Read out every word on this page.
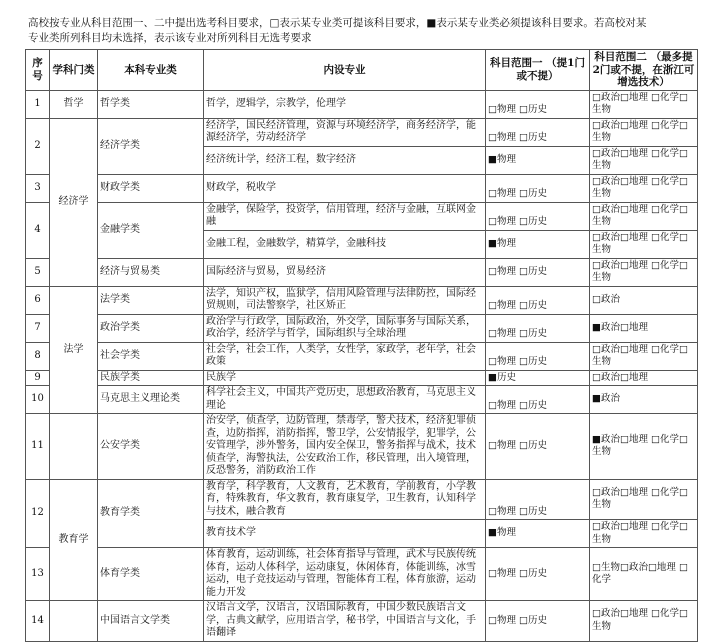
高校按专业从科目范围一、二中提出选考科目要求，□表示某专业类可提该科目要求，■表示某专业类必须提该科目要求。若高校对某专业类所列科目均未选择，表示该专业对所列科目无选考要求
序号	学科门类	本科专业类	内设专业	科目范围一 （提1门或不提）	科目范围二 （最多提2门或不提，在浙江可增选技术）
1	哲学	哲学类	哲学，逻辑学，宗教学，伦理学	□物理 □历史	□政治□地理 □化学□生物
2	经济学	经济学类	经济学，国民经济管理，资源与环境经济学，商务经济学，能源经济学，劳动经济学	□物理 □历史	□政治□地理 □化学□生物
			经济统计学，经济工程，数字经济	■物理	□政治□地理 □化学□生物
3		财政学类	财政学，税收学	□物理 □历史	□政治□地理 □化学□生物
4		金融学类	金融学，保险学，投资学，信用管理，经济与金融，互联网金融	□物理 □历史	□政治□地理 □化学□生物
			金融工程，金融数学，精算学，金融科技	■物理	□政治□地理 □化学□生物
5		经济与贸易类	国际经济与贸易，贸易经济	□物理 □历史	□政治□地理 □化学□生物
6	法学	法学类	法学，知识产权，监狱学，信用风险管理与法律防控，国际经贸规则，司法警察学，社区矫正	□物理 □历史	□政治
7		政治学类	政治学与行政学，国际政治，外交学，国际事务与国际关系，政治学，经济学与哲学，国际组织与全球治理	□物理 □历史	■政治□地理
8		社会学类	社会学，社会工作，人类学，女性学，家政学，老年学，社会政策	□物理 □历史	□政治□地理 □化学□生物
9		民族学类	民族学	■历史	□政治□地理
10		马克思主义理论类	科学社会主义，中国共产党历史，思想政治教育，马克思主义理论	□物理 □历史	■政治
11		公安学类	治安学，侦查学，边防管理，禁毒学，警犬技术，经济犯罪侦查，边防指挥，消防指挥，警卫学，公安情报学，犯罪学，公安管理学，涉外警务，国内安全保卫，警务指挥与战术，技术侦查学，海警执法，公安政治工作，移民管理，出入境管理，反恐警务，消防政治工作	□物理 □历史	■政治□地理 □化学□生物
12	教育学	教育学类	教育学，科学教育，人文教育，艺术教育，学前教育，小学教育，特殊教育，华文教育，教育康复学，卫生教育，认知科学与技术，融合教育	□物理 □历史	□政治□地理 □化学□生物
			教育技术学	■物理	□政治□地理 □化学□生物
13		体育学类	体育教育，运动训练，社会体育指导与管理，武术与民族传统体育，运动人体科学，运动康复，休闲体育，体能训练，冰雪运动，电子竞技运动与管理，智能体育工程，体育旅游，运动能力开发	□物理 □历史	□生物□政治□地理 □化学
14		中国语言文学类	汉语言文学，汉语言，汉语国际教育，中国少数民族语言文学，古典文献学，应用语言学，秘书学，中国语言与文化，手语翻译	□物理 □历史	□政治□地理 □化学□生物
